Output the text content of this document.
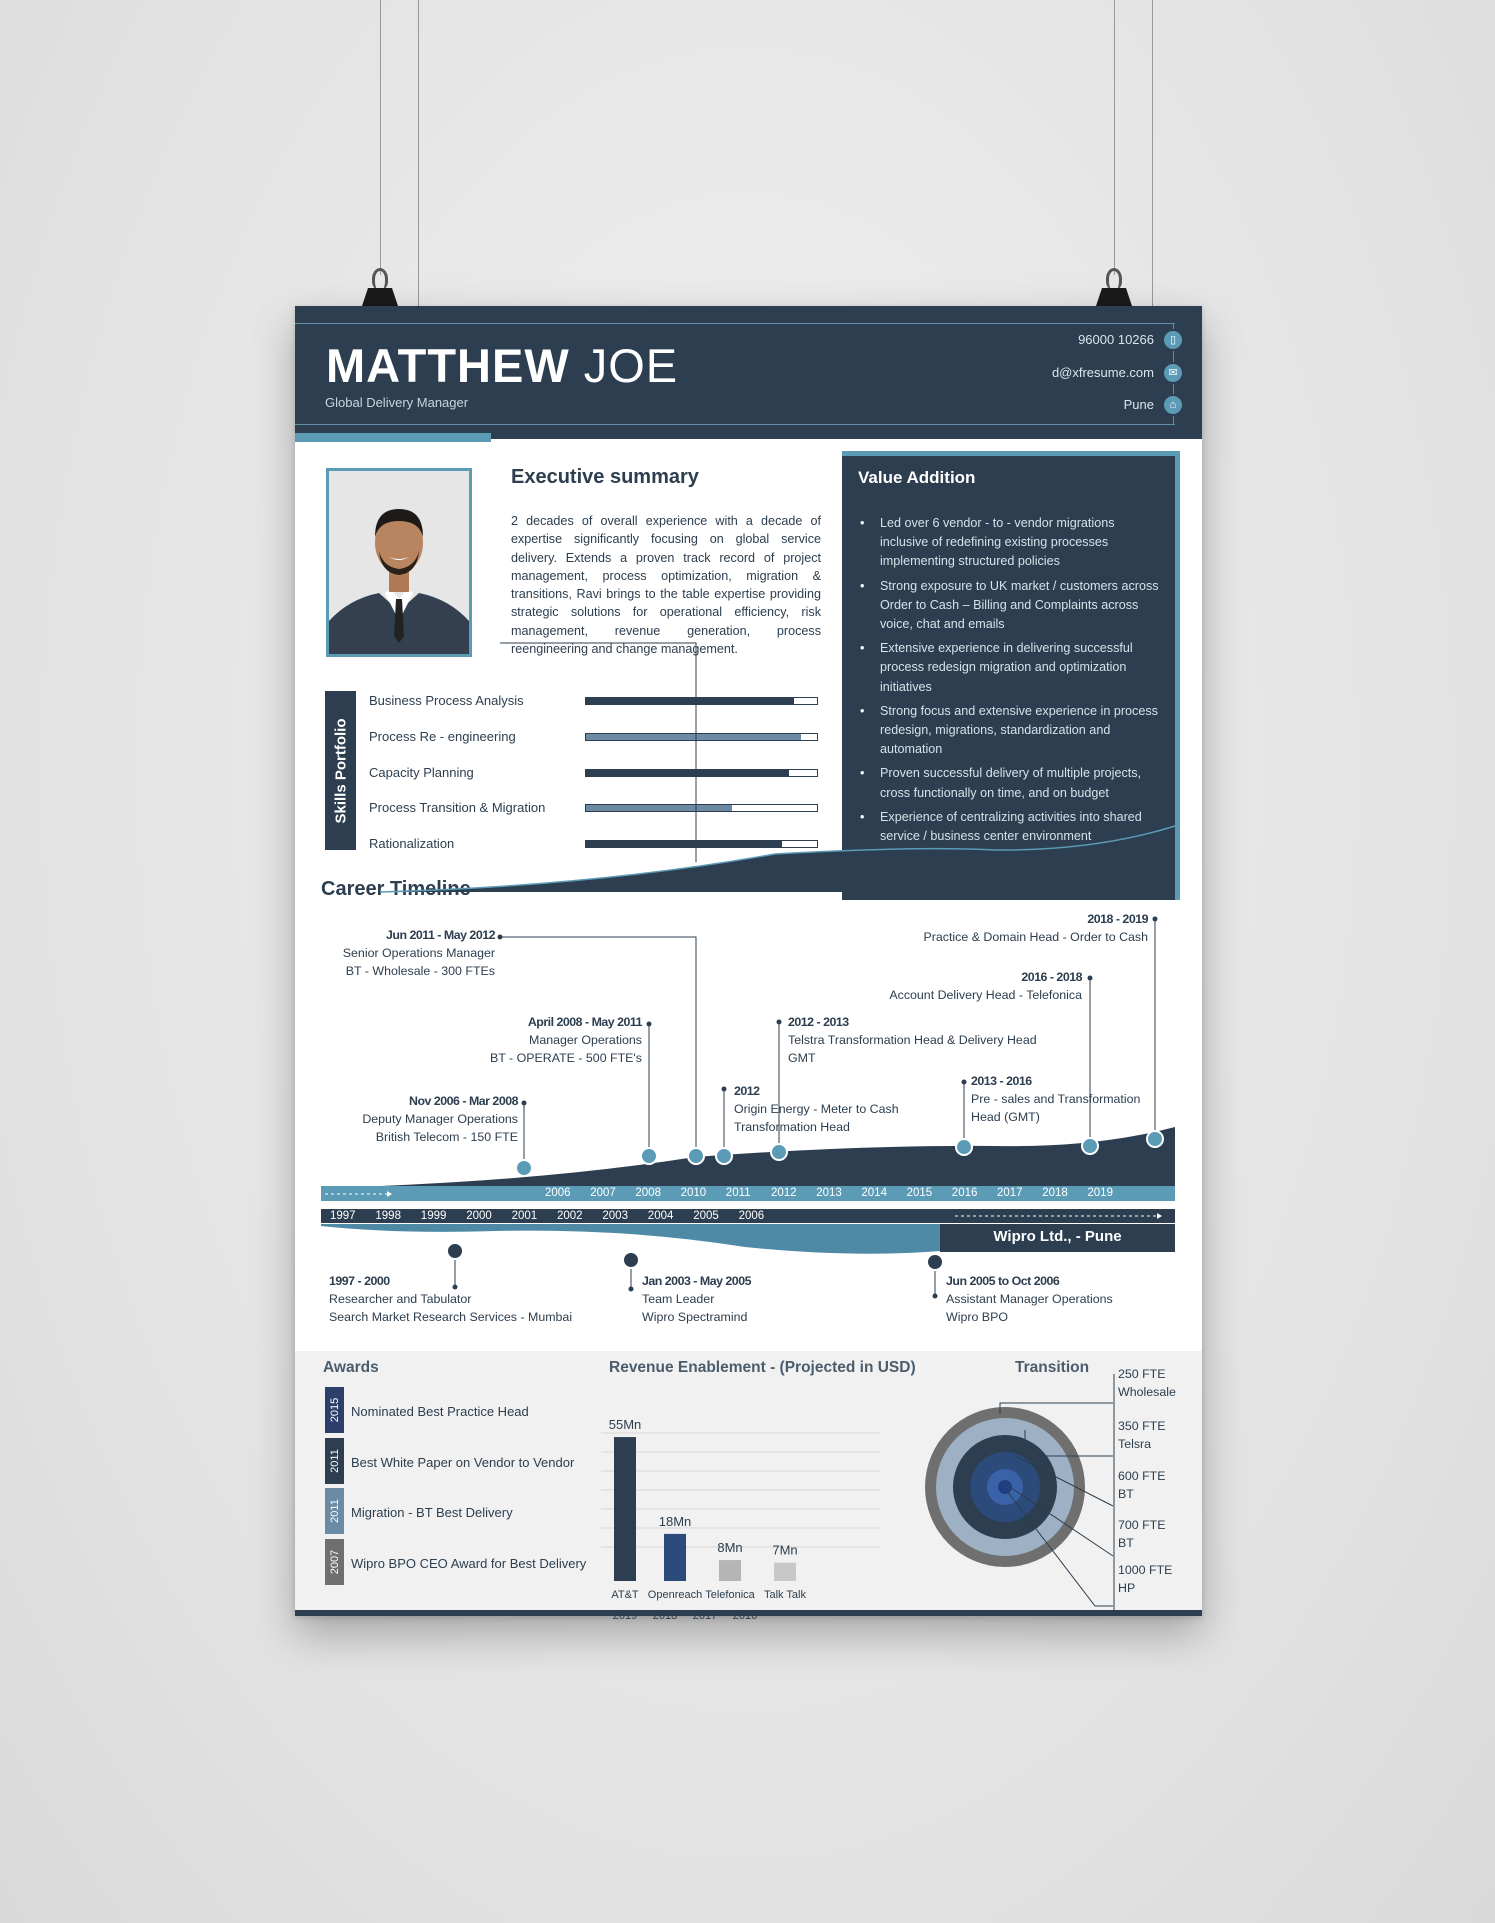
MATTHEW JOE
Global Delivery Manager
96000 10266
d@xfresume.com
Pune
▯
✉
⌂
Executive summary
2 decades of overall experience with a decade of expertise significantly focusing on global service delivery. Extends a proven track record of project management, process optimization, migration & transitions, Ravi brings to the table expertise providing strategic solutions for operational efficiency, risk management, revenue generation, process reengineering and change management.
Value Addition
• Led over 6 vendor - to - vendor migrations inclusive of redefining existing processes implementing structured policies
• Strong exposure to UK market / customers across Order to Cash – Billing and Complaints across voice, chat and emails
• Extensive experience in delivering successful process redesign migration and optimization initiatives
• Strong focus and extensive experience in process redesign, migrations, standardization and automation
• Proven successful delivery of multiple projects, cross functionally on time, and on budget
• Experience of centralizing activities into shared service / business center environment
Skills Portfolio
Business Process Analysis
Process Re - engineering
Capacity Planning
Process Transition & Migration
Rationalization
Career Timeline
Wipro Ltd., - Pune
Jun 2011 - May 2012
Senior Operations Manager
BT - Wholesale - 300 FTEs
April 2008 - May 2011
Manager Operations
BT - OPERATE - 500 FTE's
Nov 2006 - Mar 2008
Deputy Manager Operations
British Telecom - 150 FTE
2012
Origin Energy - Meter to Cash
Transformation Head
2012 - 2013
Telstra Transformation Head & Delivery Head
GMT
2013 - 2016
Pre - sales and Transformation
Head (GMT)
2016 - 2018
Account Delivery Head - Telefonica
2018 - 2019
Practice & Domain Head - Order to Cash
1997 - 2000
Researcher and Tabulator
Search Market Research Services - Mumbai
Jan 2003 - May 2005
Team Leader
Wipro Spectramind
Jun 2005 to Oct 2006
Assistant Manager Operations
Wipro BPO
Awards
2015
2011
2011
2007
Nominated Best Practice Head
Best White Paper on Vendor to Vendor
Migration - BT Best Delivery
Wipro BPO CEO Award for Best Delivery
Revenue Enablement - (Projected in USD)
55Mn
AT&T
18Mn
Openreach
8Mn
Telefonica
7Mn
Talk Talk
2019 2018 2017 2016
Transition 250 FTE
Wholesale
350 FTE
Telsra
600 FTE
BT
700 FTE
BT
1000 FTE
HP
2006 2007 2008 2010 2011 2012 2013 2014 2015 2016 2017 2018 2019
1997 1998 1999 2000 2001 2002 2003 2004 2005 2006
